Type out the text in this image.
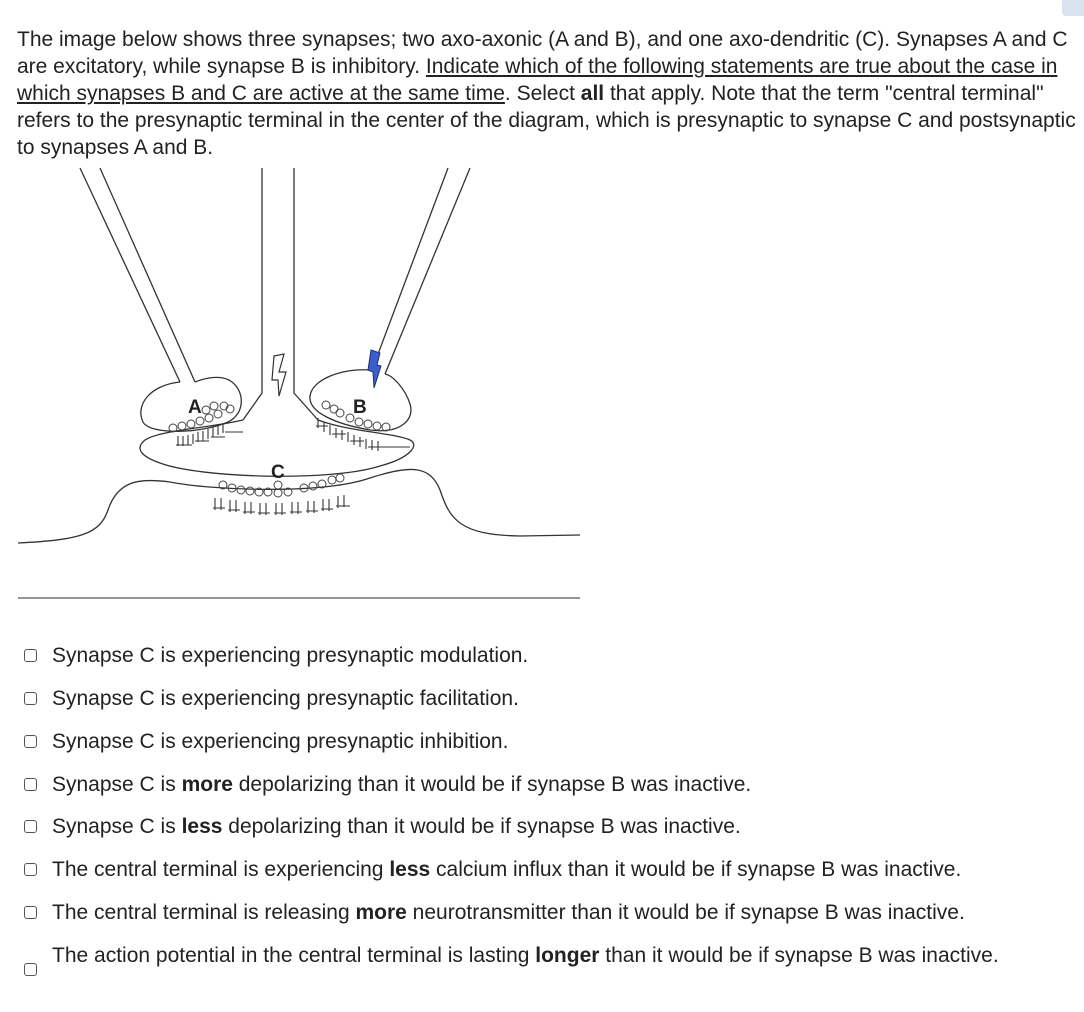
The image below shows three synapses; two axo-axonic (A and B), and one axo-dendritic (C). Synapses A and C are excitatory, while synapse B is inhibitory. Indicate which of the following statements are true about the case in which synapses B and C are active at the same time. Select all that apply. Note that the term "central terminal" refers to the presynaptic terminal in the center of the diagram, which is presynaptic to synapse C and postsynaptic to synapses A and B.

A	B
C
Synapse C is experiencing presynaptic modulation.
Synapse C is experiencing presynaptic facilitation.
Synapse C is experiencing presynaptic inhibition.
Synapse C is more depolarizing than it would be if synapse B was inactive.
Synapse C is less depolarizing than it would be if synapse B was inactive.
The central terminal is experiencing less calcium influx than it would be if synapse B was inactive.
The central terminal is releasing more neurotransmitter than it would be if synapse B was inactive.
The action potential in the central terminal is lasting longer than it would be if synapse B was inactive.
